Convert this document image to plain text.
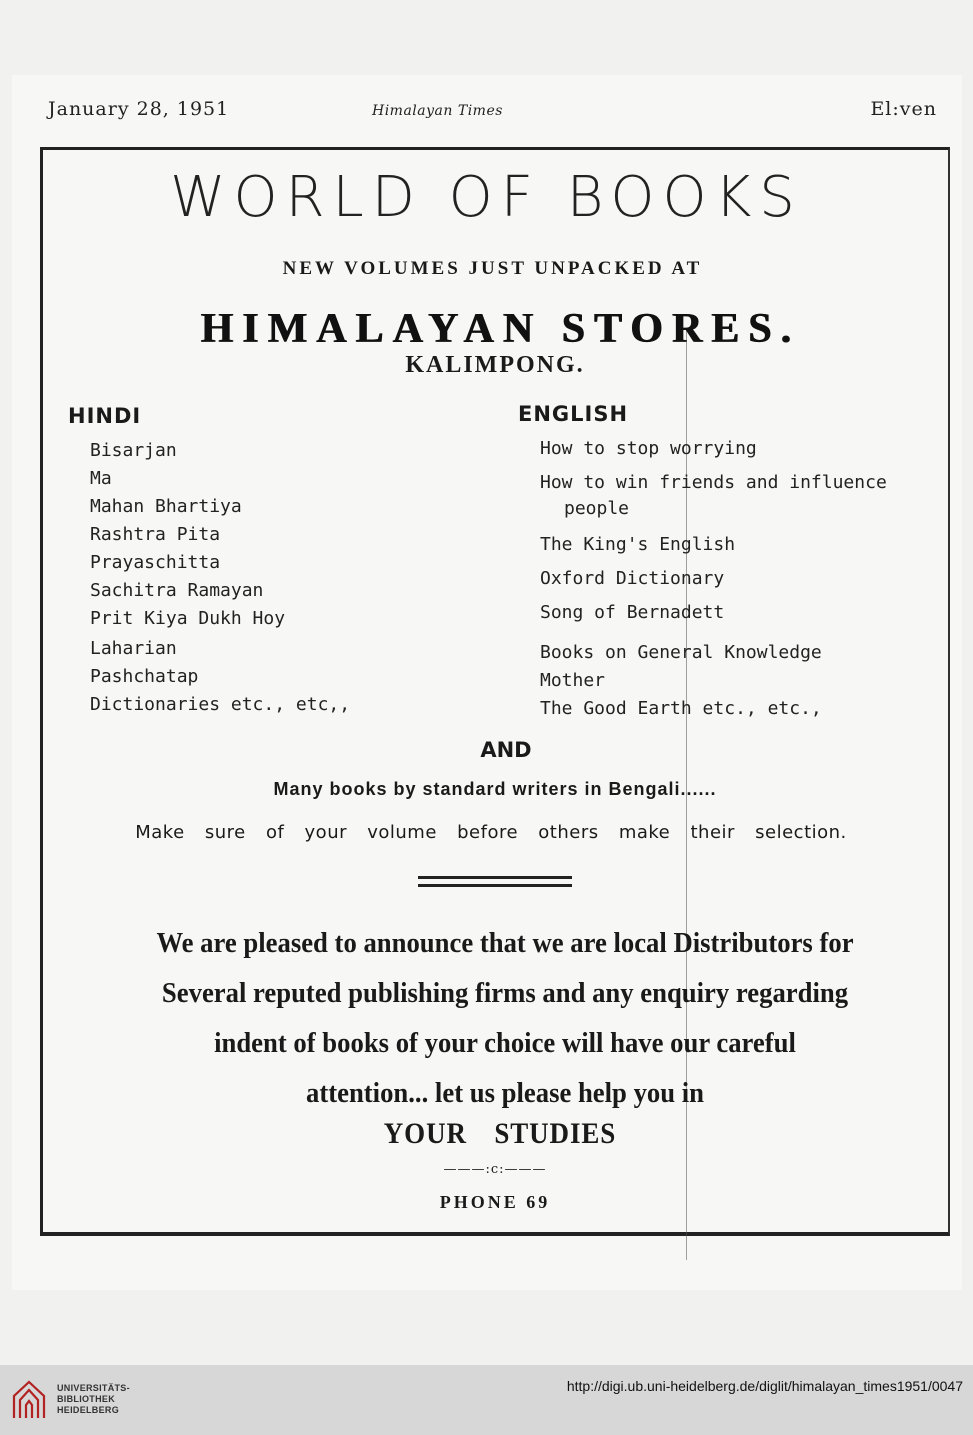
January 28, 1951	Himalayan Times	El:ven
WORLD OF BOOKS
NEW VOLUMES JUST UNPACKED AT
HIMALAYAN STORES.
KALIMPONG.
HINDI
Bisarjan
Ma
Mahan Bhartiya
Rashtra Pita
Prayaschitta
Sachitra Ramayan
Prit Kiya Dukh Hoy
Laharian
Pashchatap
Dictionaries etc., etc,,
ENGLISH
How to stop worrying
How to win friends and influence
people
The King's English
Oxford Dictionary
Song of Bernadett
Books on General Knowledge
Mother
The Good Earth etc., etc.,
AND
Many books by standard writers in Bengali......
Make sure of your volume before others make their selection.
We are pleased to announce that we are local Distributors for
Several reputed publishing firms and any enquiry regarding
indent of books of your choice will have our careful
attention... let us please help you in
YOUR STUDIES
———:c:———
PHONE 69
UNIVERSITÄTS-
BIBLIOTHEK
HEIDELBERG
http://digi.ub.uni-heidelberg.de/diglit/himalayan_times1951/0047
